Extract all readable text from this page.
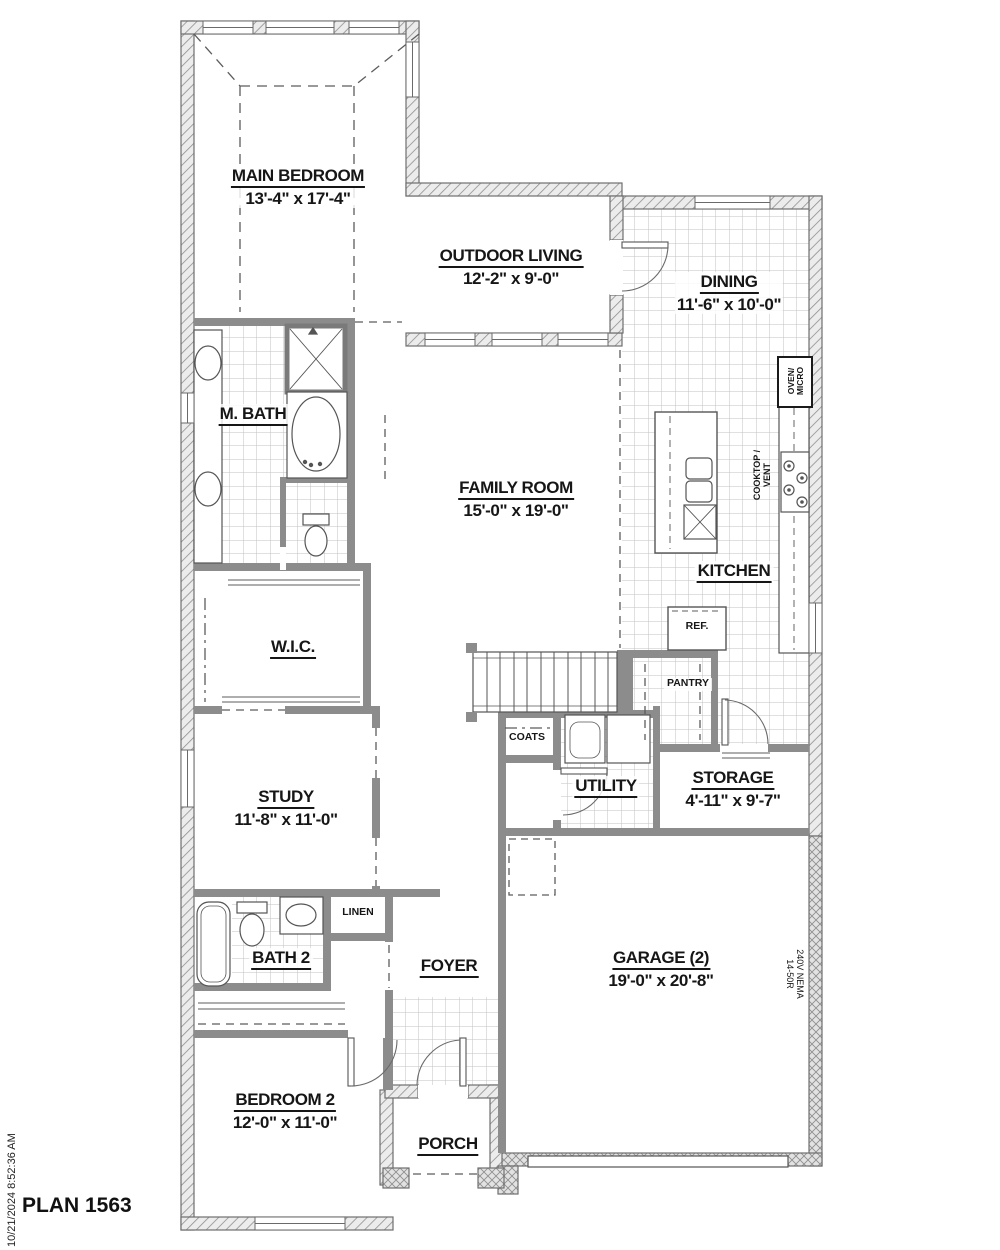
MAIN BEDROOM
13'-4" x 17'-4"
OUTDOOR LIVING
12'-2" x 9'-0"	DINING
11'-6" x 10'-0"
M. BATH
FAMILY ROOM
15'-0" x 19'-0"
KITCHEN
W.I.C.
STUDY
11'-8" x 11'-0"
COATS
UTILITY
PANTRY
REF.
STORAGE
4'-11" x 9'-7"
BATH 2
LINEN
FOYER	GARAGE (2)
19'-0" x 20'-8"
BEDROOM 2
12'-0" x 11'-0"
PORCH
OVEN/ MICRO
COOKTOP / VENT
240V NEMA
14-50R
PLAN 1563
10/21/2024 8:52:36 AM
